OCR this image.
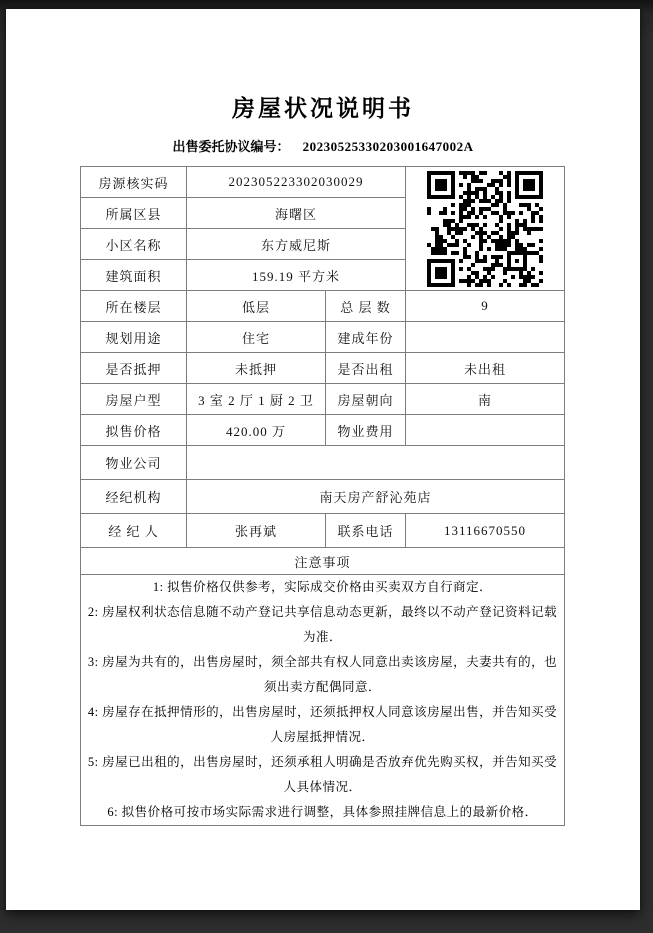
房屋状况说明书
出售委托协议编号： 20230525330203001647002A
房源核实码	202305223302030029	

所属区县	海曙区		
小区名称	东方威尼斯		
建筑面积	159.19 平方米		
所在楼层	低层	总 层 数	9
规划用途	住宅	建成年份	
是否抵押	未抵押	是否出租	未出租
房屋户型	3 室 2 厅 1 厨 2 卫	房屋朝向	南
拟售价格	420.00 万	物业费用	
物业公司			
经纪机构	南天房产舒沁苑店		
经 纪 人	张再斌	联系电话	13116670550
注意事项			

1: 拟售价格仅供参考，实际成交价格由买卖双方自行商定．
2: 房屋权利状态信息随不动产登记共享信息动态更新，最终以不动产登记资料记载为准．
3: 房屋为共有的，出售房屋时，须全部共有权人同意出卖该房屋，夫妻共有的，也须出卖方配偶同意．
4: 房屋存在抵押情形的，出售房屋时，还须抵押权人同意该房屋出售，并告知买受人房屋抵押情况．
5: 房屋已出租的，出售房屋时，还须承租人明确是否放弃优先购买权，并告知买受人具体情况．
6: 拟售价格可按市场实际需求进行调整，具体参照挂牌信息上的最新价格．
